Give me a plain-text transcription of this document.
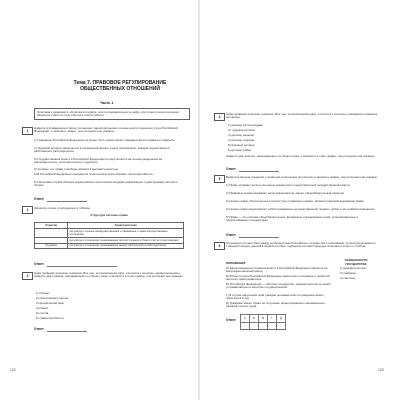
Тема 7. ПРАВОВОЕ РЕГУЛИРОВАНИЕ ОБЩЕСТВЕННЫХ ОТНОШЕНИЙ
Часть 1
Ответами к заданиям 1–42 являются цифра, или последовательность цифр, или слово (словосочетание). Запишите ответы в поле ответов в тексте работы.
1

Найдите в приведённом списке положения, характеризующие основы конституционного строя Российской Федерации, и запишите цифры, под которыми они указаны.

1) Гражданин Российской Федерации не может быть лишён своего гражданства или права его изменить.

2) Трудовой договор заключается в письменной форме, в двух экземплярах, каждый подписывается работником и работодателем.

3) Государственная власть в Российской Федерации осуществляется на основе разделения на законодательную, исполнительную и судебную.

4) Человек, его права и свободы являются высшей ценностью.

5) В Российской Федерации признаются политическое многообразие, многопартийность.

6) Налоговая служба обязана предоставлять налогоплательщикам информацию о действующих налогах и сборах.

Ответ:
2	Запишите слово, пропущенное в таблице.

Структура системы права

Отрасли	Характеристика
...	регулирует личные неимущественные и связанные с ними имущественные отношения
	регулирует отношения, возникающие при вступлении в брак и при его расторжении
Трудовое	регулирует отношения, возникающие между работником и работодателем
Ответ:
3

Ниже приведён перечень терминов. Все они, за исключением двух, относятся к понятию «правоотношение». Найдите два термина, «выпадающих» из общего ряда, и запишите в ответ цифры, под которыми они указаны.

1) субъект
2) объективная сторона
3) юридический факт
4) объект
5) состав
6) правоспособность
Ответ:
122
4

Ниже приведён перечень терминов. Все они, за исключением двух, относятся к понятию «гражданско-правовые договоры».

1) договор купли-продажи
2) трудовой договор
3) договор дарения
4) договор подряда
5) брачный договор
6) договор займа

Найдите два понятия, «выпадающих» из общего ряда, и запишите в ответ цифры, под которыми они указаны.

Ответ:
5	Выберите верные суждения о праве как социальном регуляторе и запишите цифры, под которыми они указаны.

1) Право отражает волю и интересы прежде всего представителей государственной власти.

2) Правовые нормы выражают волю законодателя, имеют общеобязательный характер.

3) Нормы права, обеспеченные в институтах и правовых нормах, являются формой выражения права.

4) Нормы права представляют собой основанные на представлении людей о добре и зле правила поведения.

5) Право — это система общеобязательных, формально определённых норм, устанавливаемых и обеспечиваемых государством.

Ответ:
6

Установите соответствие между особенностями Российского государства и признаками, иллюстрирующими их: к каждой позиции, данной в первом столбце, подберите соответствующую позицию из второго столбца.

ПОЛОЖЕНИЯ
ОСОБЕННОСТИ ГОСУДАРСТВА

А) Единственным источником власти в Российской Федерации является её многонациональный народ.

Б) В Конституции Российской Федерации закреплено положение о гарантиях местного самоуправления.

В) Российская Федерация — светское государство, никакая религия не может устанавливаться в качестве государственной.

Г) В случае нарушения прав граждан органами власти гражданин может обратиться в суд.

Д) Граждане имеют право на получение гарантированного минимального размера оплаты труда.

1) демократическое
2) правовое
3) светское
Ответ:	А	Б	В	Г	Д

123
